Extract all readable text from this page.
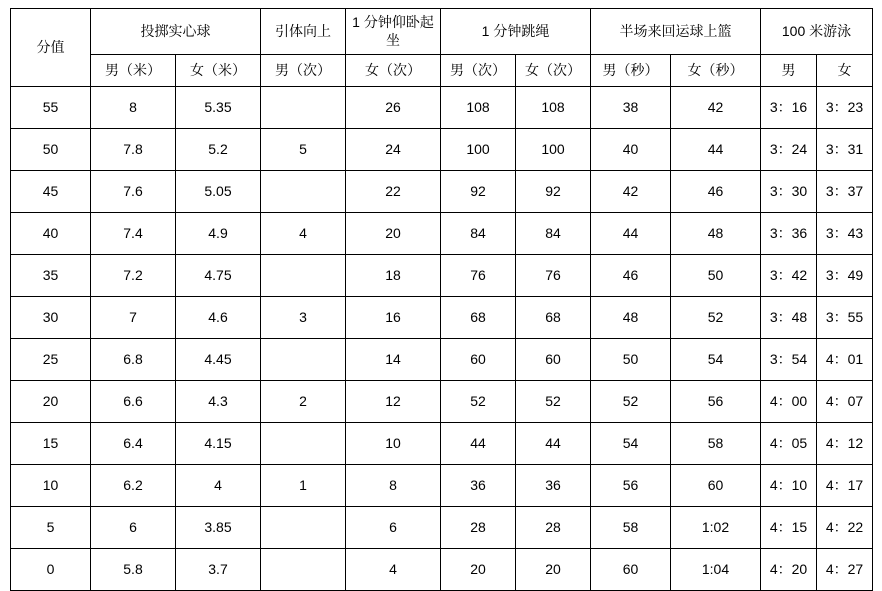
分值	投掷实心球		引体向上	1 分钟仰卧起坐	1 分钟跳绳		半场来回运球上篮		100 米游泳	
	男（米）	女（米）	男（次）	女（次）	男（次）	女（次）	男（秒）	女（秒）	男	女
55	8	5.35		26	108	108	38	42	3：16	3：23
50	7.8	5.2	5	24	100	100	40	44	3：24	3：31
45	7.6	5.05		22	92	92	42	46	3：30	3：37
40	7.4	4.9	4	20	84	84	44	48	3：36	3：43
35	7.2	4.75		18	76	76	46	50	3：42	3：49
30	7	4.6	3	16	68	68	48	52	3：48	3：55
25	6.8	4.45		14	60	60	50	54	3：54	4：01
20	6.6	4.3	2	12	52	52	52	56	4：00	4：07
15	6.4	4.15		10	44	44	54	58	4：05	4：12
10	6.2	4	1	8	36	36	56	60	4：10	4：17
5	6	3.85		6	28	28	58	1:02	4：15	4：22
0	5.8	3.7		4	20	20	60	1:04	4：20	4：27
